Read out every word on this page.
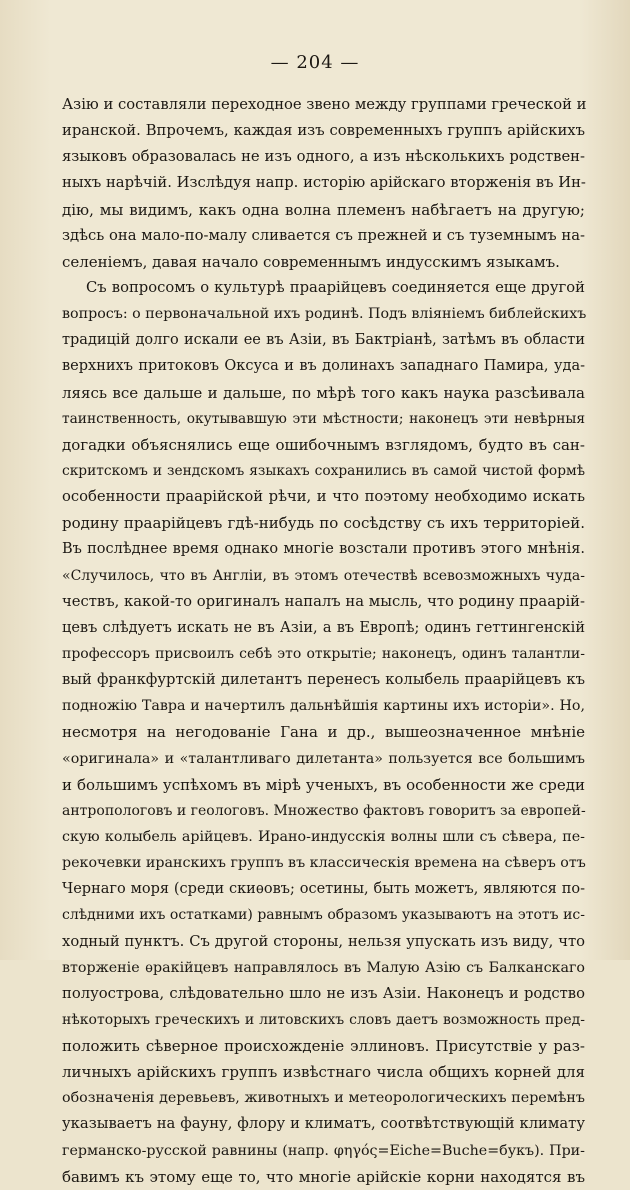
— 204 —
Азію и составляли переходное звено между группами греческой и
иранской. Впрочемъ, каждая изъ современныхъ группъ арійскихъ
языковъ образовалась не изъ одного, а изъ нѣсколькихъ родствен-
ныхъ нарѣчій. Изслѣдуя напр. исторію арійскаго вторженія въ Ин-
дію, мы видимъ, какъ одна волна племенъ набѣгаетъ на другую;
здѣсь она мало-по-малу сливается съ прежней и съ туземнымъ на-
селеніемъ, давая начало современнымъ индусскимъ языкамъ.
Съ вопросомъ о культурѣ праарійцевъ соединяется еще другой
вопросъ: о первоначальной ихъ родинѣ. Подъ вліяніемъ библейскихъ
традицій долго искали ее въ Азіи, въ Бактріанѣ, затѣмъ въ области
верхнихъ притоковъ Оксуса и въ долинахъ западнаго Памира, уда-
ляясь все дальше и дальше, по мѣрѣ того какъ наука разсѣивала
таинственность, окутывавшую эти мѣстности; наконецъ эти невѣрныя
догадки объяснялись еще ошибочнымъ взглядомъ, будто въ сан-
скритскомъ и зендскомъ языкахъ сохранились въ самой чистой формѣ
особенности праарійской рѣчи, и что поэтому необходимо искать
родину праарійцевъ гдѣ-нибудь по сосѣдству съ ихъ территоріей.
Въ послѣднее время однако многіе возстали противъ этого мнѣнія.
«Случилось, что въ Англіи, въ этомъ отечествѣ всевозможныхъ чуда-
чествъ, какой-то оригиналъ напалъ на мысль, что родину праарій-
цевъ слѣдуетъ искать не въ Азіи, а въ Европѣ; одинъ геттингенскій
профессоръ присвоилъ себѣ это открытіе; наконецъ, одинъ талантли-
вый франкфуртскій дилетантъ перенесъ колыбель праарійцевъ къ
подножію Тавра и начертилъ дальнѣйшія картины ихъ исторіи». Но,
несмотря на негодованіе Гана и др., вышеозначенное мнѣніе
«оригинала» и «талантливаго дилетанта» пользуется все большимъ
и большимъ успѣхомъ въ мірѣ ученыхъ, въ особенности же среди
антропологовъ и геологовъ. Множество фактовъ говоритъ за европей-
скую колыбель арійцевъ. Ирано-индусскія волны шли съ сѣвера, пе-
рекочевки иранскихъ группъ въ классическія времена на сѣверъ отъ
Чернаго моря (среди скиѳовъ; осетины, быть можетъ, являются по-
слѣдними ихъ остатками) равнымъ образомъ указываютъ на этотъ ис-
ходный пунктъ. Съ другой стороны, нельзя упускать изъ виду, что
вторженіе ѳракійцевъ направлялось въ Малую Азію съ Балканскаго
полуострова, слѣдовательно шло не изъ Азіи. Наконецъ и родство
нѣкоторыхъ греческихъ и литовскихъ словъ даетъ возможность пред-
положить сѣверное происхожденіе эллиновъ. Присутствіе у раз-
личныхъ арійскихъ группъ извѣстнаго числа общихъ корней для
обозначенія деревьевъ, животныхъ и метеорологическихъ перемѣнъ
указываетъ на фауну, флору и климатъ, соотвѣтствующій климату
германско-русской равнины (напр. φηγός=Eiche=Buche=букъ). При-
бавимъ къ этому еще то, что многіе арійскіе корни находятся въ
